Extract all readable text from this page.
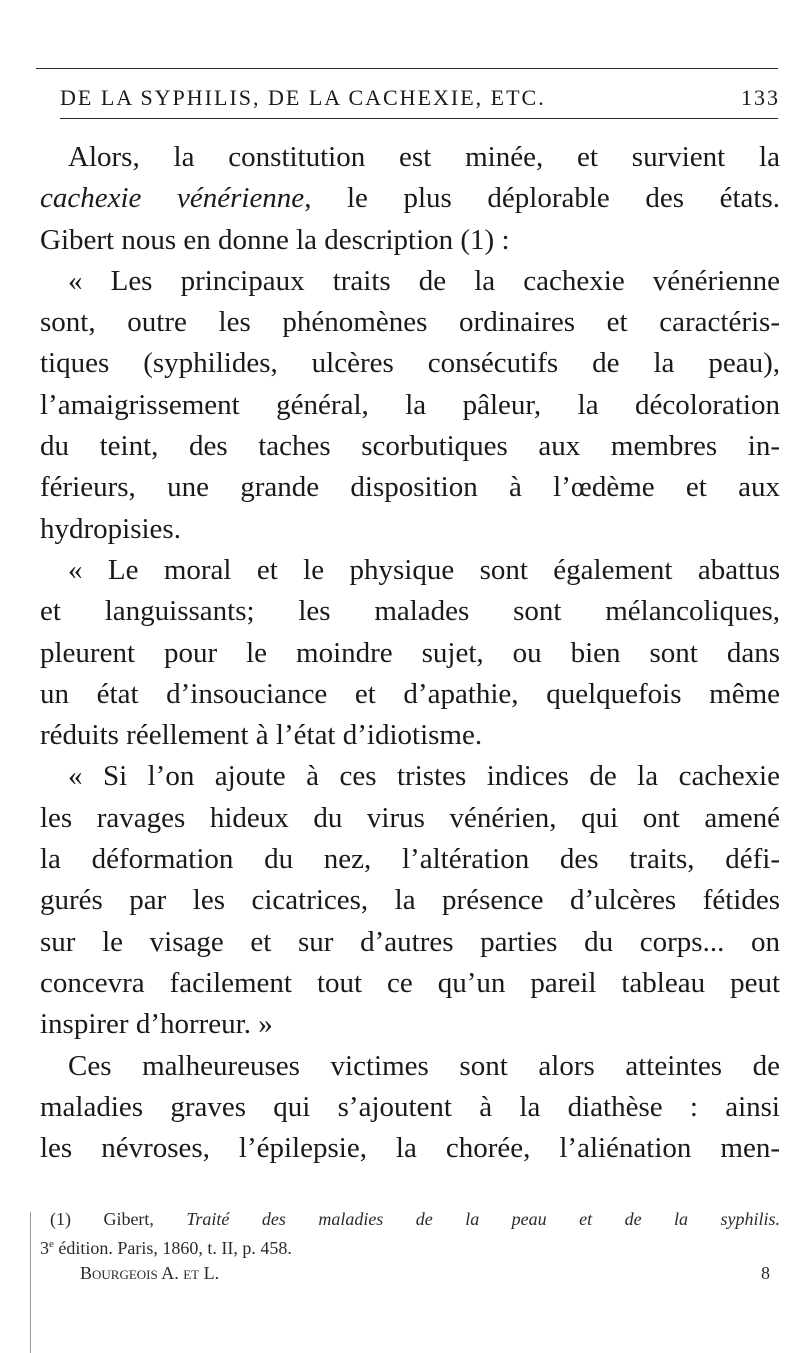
DE LA SYPHILIS, DE LA CACHEXIE, ETC.	133
Alors, la constitution est minée, et survient la
cachexie vénérienne, le plus déplorable des états.
Gibert nous en donne la description (1) :
« Les principaux traits de la cachexie vénérienne
sont, outre les phénomènes ordinaires et caractéris-
tiques (syphilides, ulcères consécutifs de la peau),
l’amaigrissement général, la pâleur, la décoloration
du teint, des taches scorbutiques aux membres in-
férieurs, une grande disposition à l’œdème et aux
hydropisies.
« Le moral et le physique sont également abattus
et languissants; les malades sont mélancoliques,
pleurent pour le moindre sujet, ou bien sont dans
un état d’insouciance et d’apathie, quelquefois même
réduits réellement à l’état d’idiotisme.
« Si l’on ajoute à ces tristes indices de la cachexie
les ravages hideux du virus vénérien, qui ont amené
la déformation du nez, l’altération des traits, défi-
gurés par les cicatrices, la présence d’ulcères fétides
sur le visage et sur d’autres parties du corps... on
concevra facilement tout ce qu’un pareil tableau peut
inspirer d’horreur. »
Ces malheureuses victimes sont alors atteintes de
maladies graves qui s’ajoutent à la diathèse : ainsi
les névroses, l’épilepsie, la chorée, l’aliénation men-
(1) Gibert, Traité des maladies de la peau et de la syphilis.
3e édition. Paris, 1860, t. II, p. 458.
Bourgeois A. et L.	8
